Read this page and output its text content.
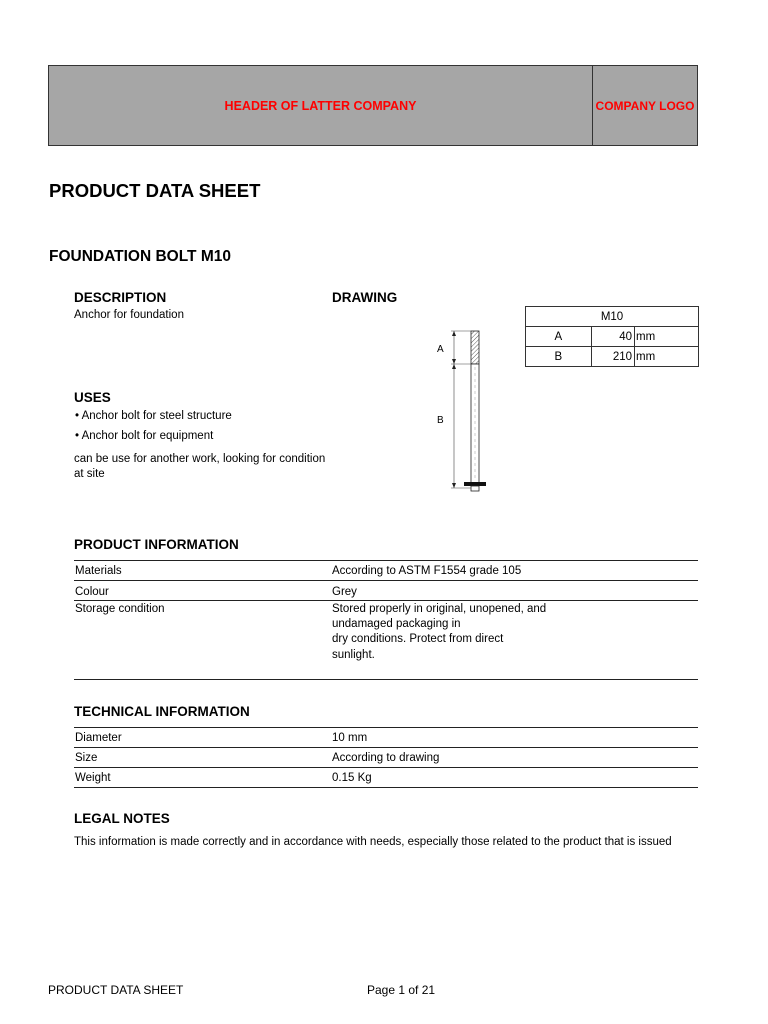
HEADER OF LATTER COMPANY	COMPANY LOGO
PRODUCT DATA SHEET
FOUNDATION BOLT M10
DESCRIPTION
Anchor for foundation
DRAWING
A
B
M10		
A	40	mm
B	210	mm
USES
• Anchor bolt for steel structure
• Anchor bolt for equipment
can be use for another work, looking for condition
at site
PRODUCT INFORMATION
Materials	According to ASTM F1554 grade 105
Colour	Grey
Storage condition	Stored properly in original, unopened, and
undamaged packaging in
dry conditions. Protect from direct
sunlight.
TECHNICAL INFORMATION
Diameter	10 mm
Size	According to drawing
Weight	0.15 Kg
LEGAL NOTES
This information is made correctly and in accordance with needs, especially those related to the product that is issued
PRODUCT DATA SHEET	Page 1 of 21
